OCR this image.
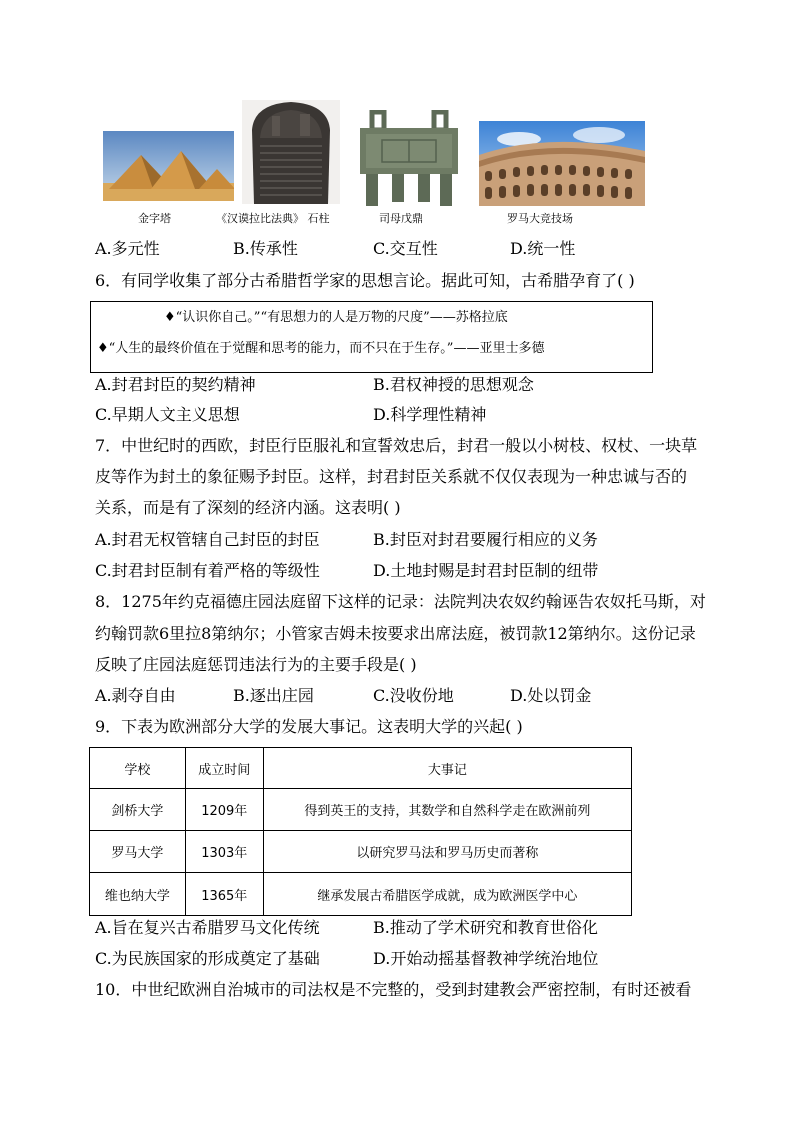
金字塔	《汉谟拉比法典》 石柱	司母戊鼎	罗马大竞技场
A.多元性	B.传承性	C.交互性	D.统一性
6．有同学收集了部分古希腊哲学家的思想言论。据此可知，古希腊孕育了( )
♦“认识你自己。”“有思想力的人是万物的尺度”——苏格拉底
♦“人生的最终价值在于觉醒和思考的能力，而不只在于生存。”——亚里士多德
A.封君封臣的契约精神	B.君权神授的思想观念
C.早期人文主义思想	D.科学理性精神
7．中世纪时的西欧，封臣行臣服礼和宣誓效忠后，封君一般以小树枝、权杖、一块草
皮等作为封土的象征赐予封臣。这样，封君封臣关系就不仅仅表现为一种忠诚与否的
关系，而是有了深刻的经济内涵。这表明( )
A.封君无权管辖自己封臣的封臣	B.封臣对封君要履行相应的义务
C.封君封臣制有着严格的等级性	D.土地封赐是封君封臣制的纽带
8．1275年约克福德庄园法庭留下这样的记录：法院判决农奴约翰诬告农奴托马斯，对
约翰罚款6里拉8第纳尔；小管家吉姆未按要求出席法庭，被罚款12第纳尔。这份记录
反映了庄园法庭惩罚违法行为的主要手段是( )
A.剥夺自由	B.逐出庄园	C.没收份地	D.处以罚金
9．下表为欧洲部分大学的发展大事记。这表明大学的兴起( )
学校	成立时间	大事记
剑桥大学	1209年	得到英王的支持，其数学和自然科学走在欧洲前列
罗马大学	1303年	以研究罗马法和罗马历史而著称
维也纳大学	1365年	继承发展古希腊医学成就，成为欧洲医学中心
A.旨在复兴古希腊罗马文化传统	B.推动了学术研究和教育世俗化
C.为民族国家的形成奠定了基础	D.开始动摇基督教神学统治地位
10．中世纪欧洲自治城市的司法权是不完整的，受到封建教会严密控制，有时还被看
